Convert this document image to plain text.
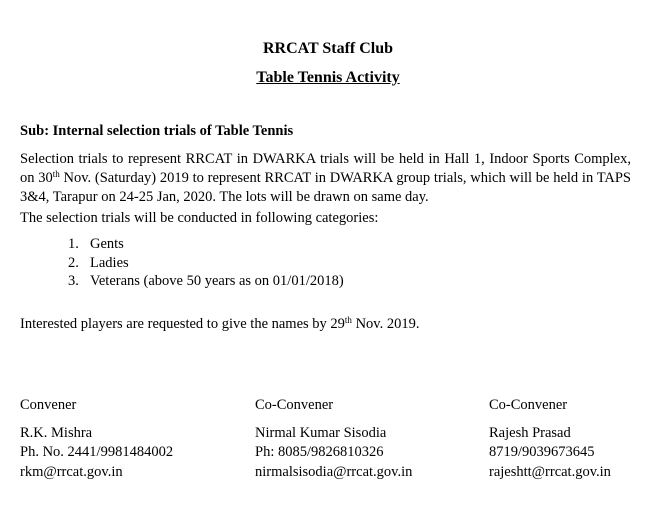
RRCAT Staff Club
Table Tennis Activity
Sub: Internal selection trials of Table Tennis
Selection trials to represent RRCAT in DWARKA trials will be held in Hall 1, Indoor Sports Complex, on 30th Nov. (Saturday) 2019 to represent RRCAT in DWARKA group trials, which will be held in TAPS 3&4, Tarapur on 24-25 Jan, 2020. The lots will be drawn on same day.
The selection trials will be conducted in following categories:
1. Gents
2. Ladies
3. Veterans (above 50 years as on 01/01/2018)
Interested players are requested to give the names by 29th Nov. 2019.
Convener
R.K. Mishra
Ph. No. 2441/9981484002
rkm@rrcat.gov.in
Co-Convener
Nirmal Kumar Sisodia
Ph: 8085/9826810326
nirmalsisodia@rrcat.gov.in
Co-Convener
Rajesh Prasad
8719/9039673645
rajeshtt@rrcat.gov.in
